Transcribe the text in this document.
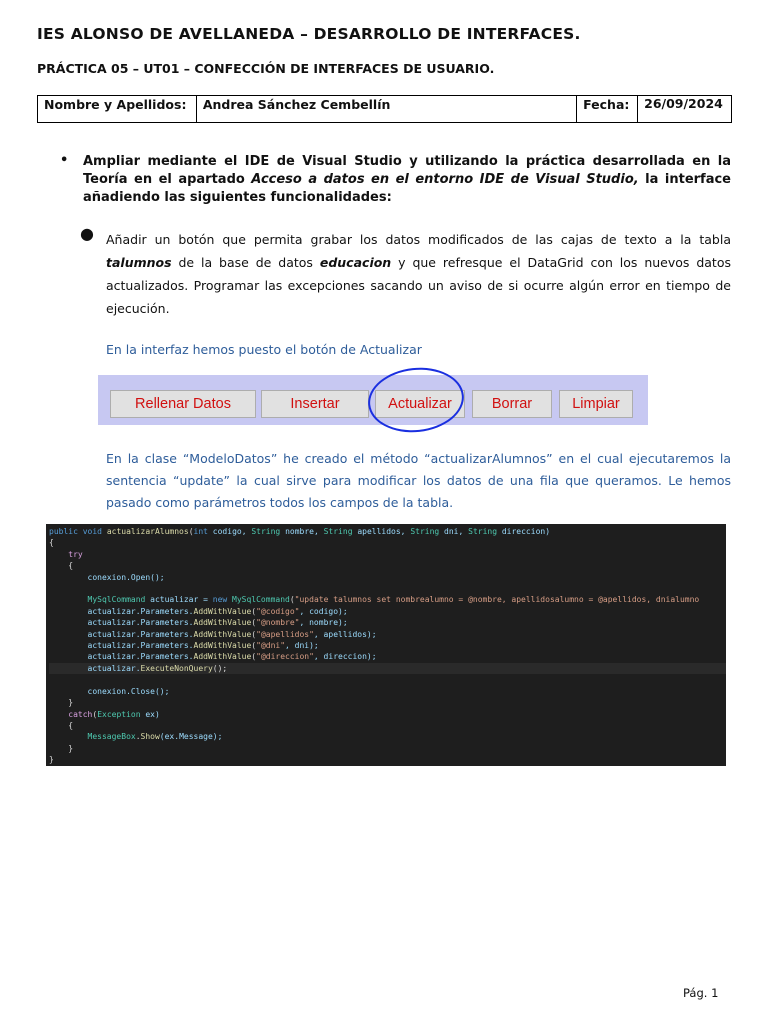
IES ALONSO DE AVELLANEDA – DESARROLLO DE INTERFACES.
PRÁCTICA 05 – UT01 – CONFECCIÓN DE INTERFACES DE USUARIO.
Nombre y Apellidos:	Andrea Sánchez Cembellín	Fecha:	26/09/2024
• Ampliar mediante el IDE de Visual Studio y utilizando la práctica desarrollada en la Teoría en el apartado Acceso a datos en el entorno IDE de Visual Studio, la interface añadiendo las siguientes funcionalidades:
● Añadir un botón que permita grabar los datos modificados de las cajas de texto a la tabla talumnos de la base de datos educacion y que refresque el DataGrid con los nuevos datos actualizados. Programar las excepciones sacando un aviso de si ocurre algún error en tiempo de ejecución.
En la interfaz hemos puesto el botón de Actualizar
Rellenar Datos	Insertar	Actualizar	Borrar	Limpiar
En la clase “ModeloDatos” he creado el método “actualizarAlumnos” en el cual ejecutaremos la sentencia “update” la cual sirve para modificar los datos de una fila que queramos. Le hemos pasado como parámetros todos los campos de la tabla.
public void actualizarAlumnos(int codigo, String nombre, String apellidos, String dni, String direccion)
{
try
{
conexion.Open();

MySqlCommand actualizar = new MySqlCommand("update talumnos set nombrealumno = @nombre, apellidosalumno = @apellidos, dnialumno
actualizar.Parameters.AddWithValue("@codigo", codigo);
actualizar.Parameters.AddWithValue("@nombre", nombre);
actualizar.Parameters.AddWithValue("@apellidos", apellidos);
actualizar.Parameters.AddWithValue("@dni", dni);
actualizar.Parameters.AddWithValue("@direccion", direccion);
actualizar.ExecuteNonQuery();

conexion.Close();
}
catch(Exception ex)
{
MessageBox.Show(ex.Message);
}
}
Pág. 1
